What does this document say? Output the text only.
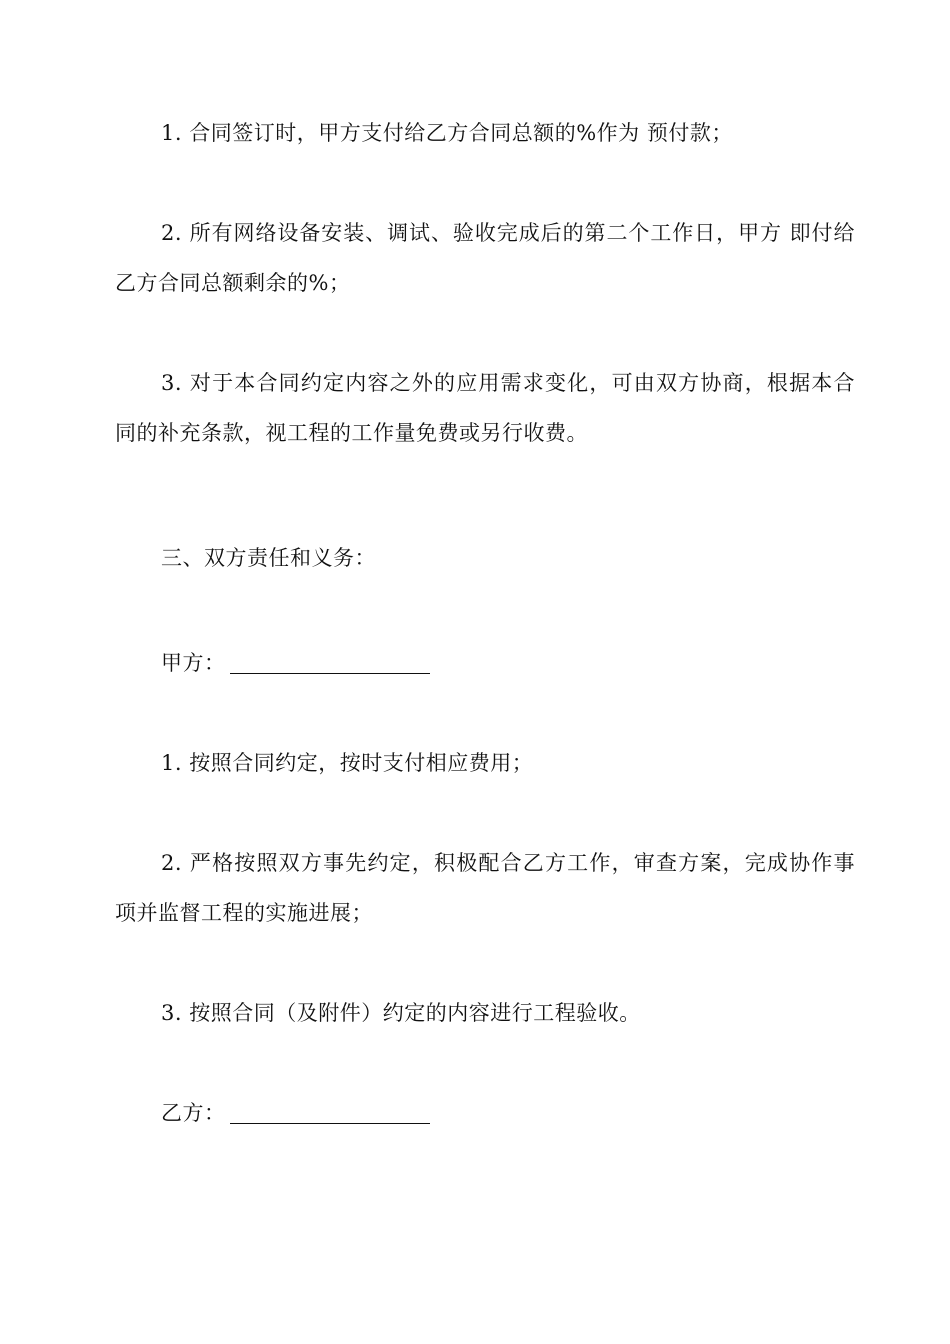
1. 合同签订时，甲方支付给乙方合同总额的%作为 预付款；

2. 所有网络设备安装、调试、验收完成后的第二个工作日，甲方 即付给乙方合同总额剩余的%；

3. 对于本合同约定内容之外的应用需求变化，可由双方协商，根据本合同的补充条款，视工程的工作量免费或另行收费。

三、双方责任和义务：

甲方：

1. 按照合同约定，按时支付相应费用；

2. 严格按照双方事先约定，积极配合乙方工作，审查方案，完成协作事项并监督工程的实施进展；

3. 按照合同（及附件）约定的内容进行工程验收。

乙方：
